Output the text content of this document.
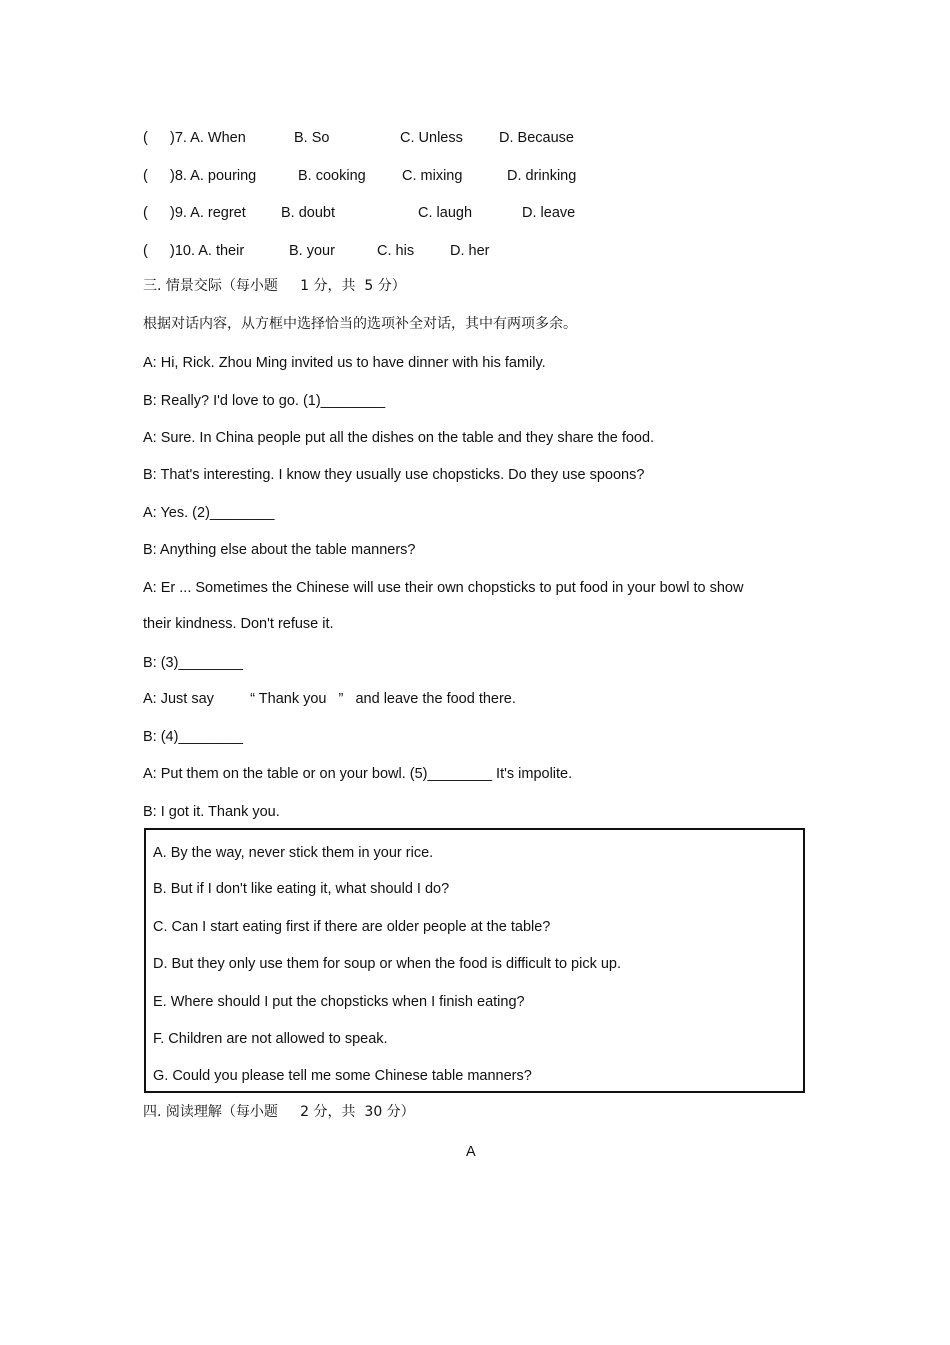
( )7. A. When	B. So	C. Unless D. Because
( )8. A. pouring	B. cooking	C. mixing	D. drinking
( )9. A. regret B. doubt	C. laugh	D. leave
( )10. A. their	B. your	C. his D. her
三. 情景交际（每小题     1 分，共  5 分）
根据对话内容，从方框中选择恰当的选项补全对话，其中有两项多余。
A: Hi, Rick. Zhou Ming invited us to have dinner with his family.
B: Really? I'd love to go. (1)________
A: Sure. In China people put all the dishes on the table and they share the food.
B: That's interesting. I know they usually use chopsticks. Do they use spoons?
A: Yes. (2)________
B: Anything else about the table manners?
A: Er ... Sometimes the Chinese will use their own chopsticks to put food in your bowl to show
their kindness. Don't refuse it.
B: (3)________
A: Just say         “ Thank you   ”   and leave the food there.
B: (4)________
A: Put them on the table or on your bowl. (5)________ It's impolite.
B: I got it. Thank you.
A. By the way, never stick them in your rice.
B. But if I don't like eating it, what should I do?
C. Can I start eating first if there are older people at the table?
D. But they only use them for soup or when the food is difficult to pick up.
E. Where should I put the chopsticks when I finish eating?
F. Children are not allowed to speak.
G. Could you please tell me some Chinese table manners?
四. 阅读理解（每小题     2 分，共  30 分）
A
